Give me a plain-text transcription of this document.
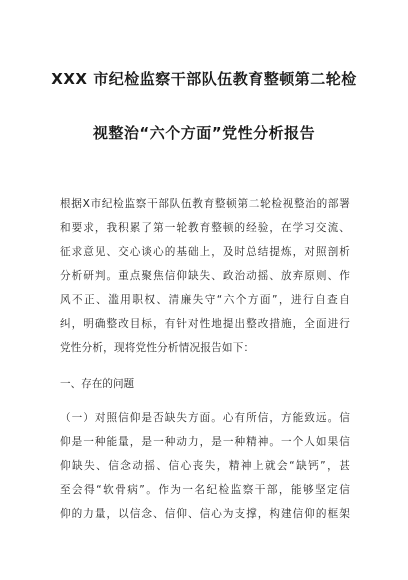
XXX 市纪检监察干部队伍教育整顿第二轮检
视整治“六个方面”党性分析报告
根据X市纪检监察干部队伍教育整顿第二轮检视整治的部署
和要求，我积累了第一轮教育整顿的经验，在学习交流、
征求意见、交心谈心的基础上，及时总结提炼，对照剖析
分析研判。重点聚焦信仰缺失、政治动摇、放弃原则、作
风不正、滥用职权、清廉失守“六个方面”，进行自查自
纠，明确整改目标，有针对性地提出整改措施，全面进行
党性分析，现将党性分析情况报告如下：
一、存在的问题
（一）对照信仰是否缺失方面。心有所信，方能致远。信
仰是一种能量，是一种动力，是一种精神。一个人如果信
仰缺失、信念动摇、信心丧失，精神上就会“缺钙”，甚
至会得“软骨病”。作为一名纪检监察干部，能够坚定信
仰的力量，以信念、信仰、信心为支撑，构建信仰的框架
